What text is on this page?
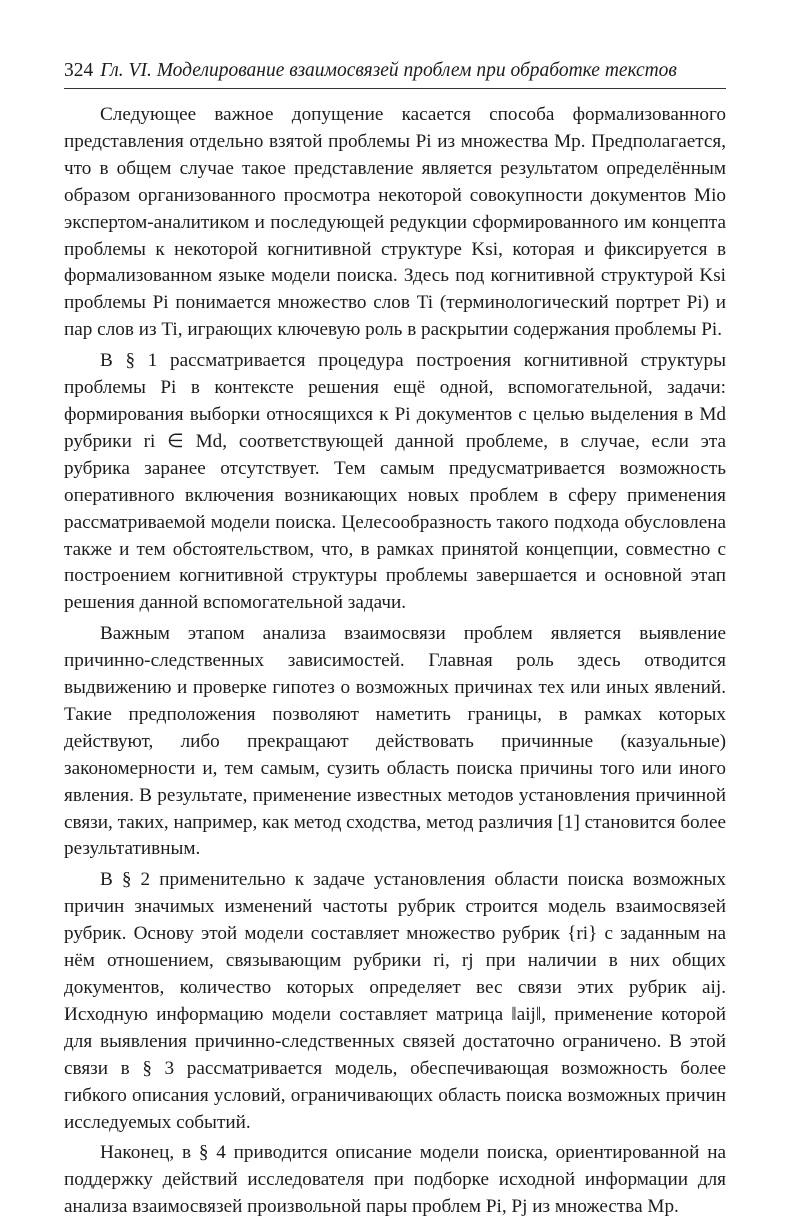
324 Гл. VI. Моделирование взаимосвязей проблем при обработке текстов

Следующее важное допущение касается способа формализованного представления отдельно взятой проблемы Pi из множества Mp. Предполагается, что в общем случае такое представление является результатом определённым образом организованного просмотра некоторой совокупности документов Mio экспертом-аналитиком и последующей редукции сформированного им концепта проблемы к некоторой когнитивной структуре Ksi, которая и фиксируется в формализованном языке модели поиска. Здесь под когнитивной структурой Ksi проблемы Pi понимается множество слов Ti (терминологический портрет Pi) и пар слов из Ti, играющих ключевую роль в раскрытии содержания проблемы Pi.

В § 1 рассматривается процедура построения когнитивной структуры проблемы Pi в контексте решения ещё одной, вспомогательной, задачи: формирования выборки относящихся к Pi документов с целью выделения в Md рубрики ri ∈ Md, соответствующей данной проблеме, в случае, если эта рубрика заранее отсутствует. Тем самым предусматривается возможность оперативного включения возникающих новых проблем в сферу применения рассматриваемой модели поиска. Целесообразность такого подхода обусловлена также и тем обстоятельством, что, в рамках принятой концепции, совместно с построением когнитивной структуры проблемы завершается и основной этап решения данной вспомогательной задачи.

Важным этапом анализа взаимосвязи проблем является выявление причинно-следственных зависимостей. Главная роль здесь отводится выдвижению и проверке гипотез о возможных причинах тех или иных явлений. Такие предположения позволяют наметить границы, в рамках которых действуют, либо прекращают действовать причинные (казуальные) закономерности и, тем самым, сузить область поиска причины того или иного явления. В результате, применение известных методов установления причинной связи, таких, например, как метод сходства, метод различия [1] становится более результативным.

В § 2 применительно к задаче установления области поиска возможных причин значимых изменений частоты рубрик строится модель взаимосвязей рубрик. Основу этой модели составляет множество рубрик {ri} с заданным на нём отношением, связывающим рубрики ri, rj при наличии в них общих документов, количество которых определяет вес связи этих рубрик aij. Исходную информацию модели составляет матрица ‖aij‖, применение которой для выявления причинно-следственных связей достаточно ограничено. В этой связи в § 3 рассматривается модель, обеспечивающая возможность более гибкого описания условий, ограничивающих область поиска возможных причин исследуемых событий.

Наконец, в § 4 приводится описание модели поиска, ориентированной на поддержку действий исследователя при подборке исходной информации для анализа взаимосвязей произвольной пары проблем Pi, Pj из множества Mp.
